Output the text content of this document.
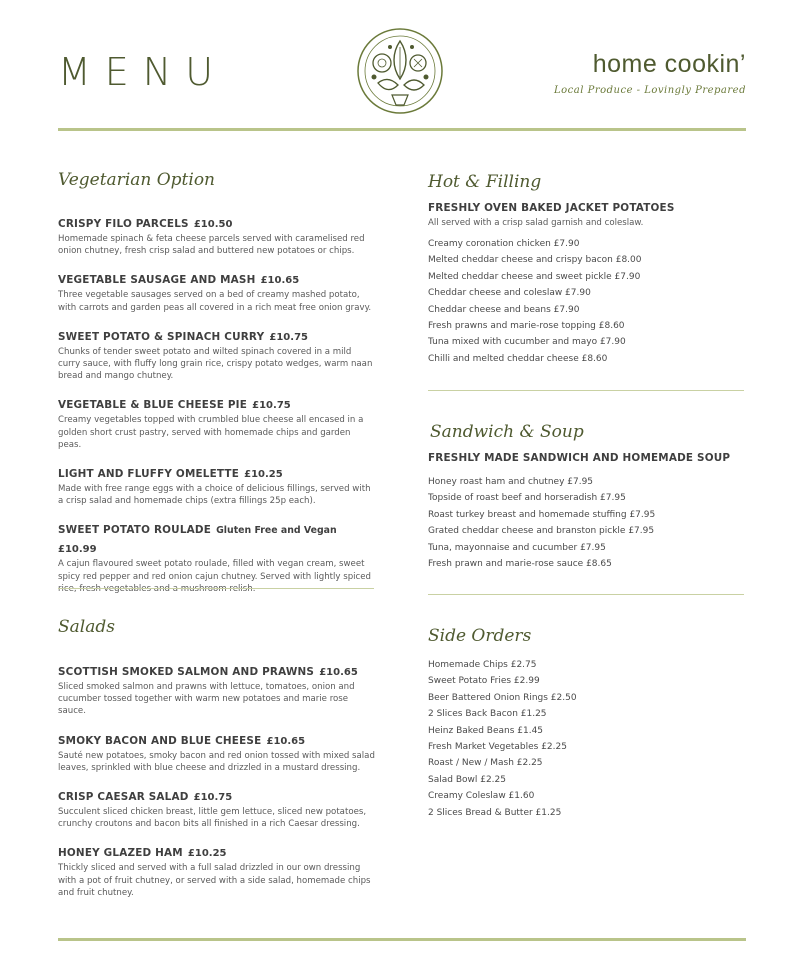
MENU	home cookin’
Local Produce - Lovingly Prepared
Vegetarian Option
CRISPY FILO PARCELS £10.50
Homemade spinach & feta cheese parcels served with caramelised red onion chutney, fresh crisp salad and buttered new potatoes or chips.
VEGETABLE SAUSAGE AND MASH £10.65
Three vegetable sausages served on a bed of creamy mashed potato, with carrots and garden peas all covered in a rich meat free onion gravy.
SWEET POTATO & SPINACH CURRY £10.75
Chunks of tender sweet potato and wilted spinach covered in a mild curry sauce, with fluffy long grain rice, crispy potato wedges, warm naan bread and mango chutney.
VEGETABLE & BLUE CHEESE PIE £10.75
Creamy vegetables topped with crumbled blue cheese all encased in a golden short crust pastry, served with homemade chips and garden peas.
LIGHT AND FLUFFY OMELETTE £10.25
Made with free range eggs with a choice of delicious fillings, served with a crisp salad and homemade chips (extra fillings 25p each).
SWEET POTATO ROULADE Gluten Free and Vegan £10.99
A cajun flavoured sweet potato roulade, filled with vegan cream, sweet spicy red pepper and red onion cajun chutney. Served with lightly spiced
Salads
SCOTTISH SMOKED SALMON AND PRAWNS £10.65
Sliced smoked salmon and prawns with lettuce, tomatoes, onion and cucumber tossed together with warm new potatoes and marie rose sauce.
SMOKY BACON AND BLUE CHEESE £10.65
Sauté new potatoes, smoky bacon and red onion tossed with mixed salad leaves, sprinkled with blue cheese and drizzled in a mustard dressing.
CRISP CAESAR SALAD £10.75
Succulent sliced chicken breast, little gem lettuce, sliced new potatoes, crunchy croutons and bacon bits all finished in a rich Caesar dressing.
HONEY GLAZED HAM £10.25
Thickly sliced and served with a full salad drizzled in our own dressing with a pot of fruit chutney, or served with a side salad, homemade chips and fruit chutney.
Hot & Filling
FRESHLY OVEN BAKED JACKET POTATOES
All served with a crisp salad garnish and coleslaw.
Creamy coronation chicken £7.90
Melted cheddar cheese and crispy bacon £8.00
Melted cheddar cheese and sweet pickle £7.90
Cheddar cheese and coleslaw £7.90
Cheddar cheese and beans £7.90
Fresh prawns and marie-rose topping £8.60
Tuna mixed with cucumber and mayo £7.90
Chilli and melted cheddar cheese £8.60
Sandwich & Soup
FRESHLY MADE SANDWICH AND HOMEMADE SOUP
Honey roast ham and chutney £7.95
Topside of roast beef and horseradish £7.95
Roast turkey breast and homemade stuffing £7.95
Grated cheddar cheese and branston pickle £7.95
Tuna, mayonnaise and cucumber £7.95
Fresh prawn and marie-rose sauce £8.65
Side Orders
Homemade Chips £2.75
Sweet Potato Fries £2.99
Beer Battered Onion Rings £2.50
2 Slices Back Bacon £1.25
Heinz Baked Beans £1.45
Fresh Market Vegetables £2.25
Roast / New / Mash £2.25
Salad Bowl £2.25
Creamy Coleslaw £1.60
2 Slices Bread & Butter £1.25
